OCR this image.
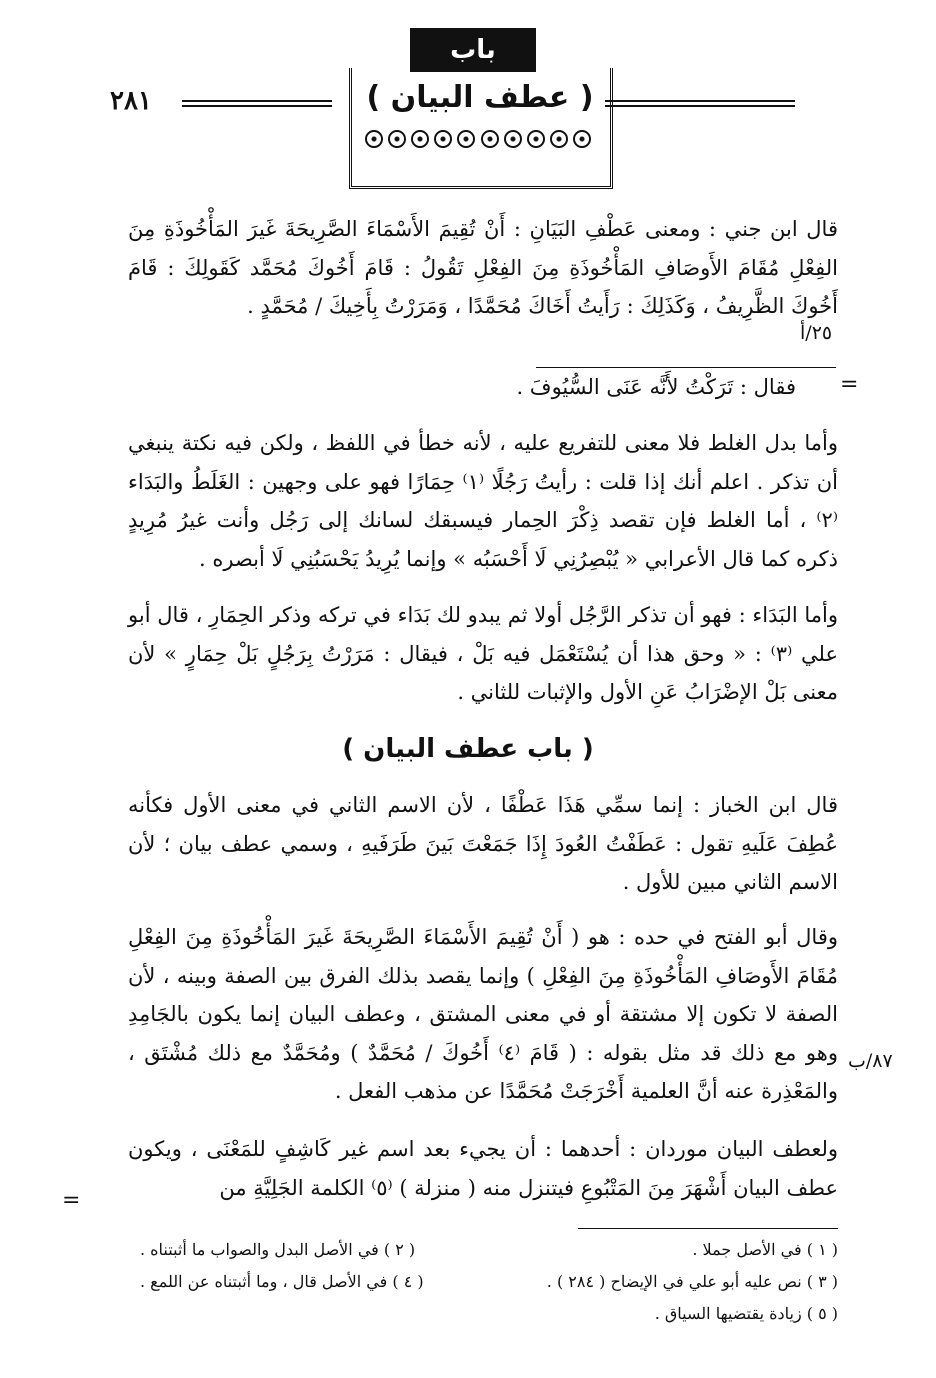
٢٨١
باب
( عطف البيان )

قال ابن جني : ومعنى عَطْفِ البَيَانِ : أَنْ تُقِيمَ الأَسْمَاءَ الصَّرِيحَةَ غَيرَ المَأْخُوذَةِ مِنَ الفِعْلِ مُقَامَ الأَوصَافِ المَأْخُوذَةِ مِنَ الفِعْلِ تَقُولُ : قَامَ أَخُوكَ مُحَمَّد كَقَولِكَ : قَامَ أَخُوكَ الظَّرِيفُ ، وَكَذَلِكَ : رَأَيتُ أَخَاكَ مُحَمَّدًا ، وَمَرَرْتُ بِأَخِيكَ / مُحَمَّدٍ .

٢٥/أ
=

فقال : تَرَكْتُ لأَنَّه عَنَى السُّيُوفَ .

وأما بدل الغلط فلا معنى للتفريع عليه ، لأنه خطأ في اللفظ ، ولكن فيه نكتة ينبغي أن تذكر . اعلم أنك إذا قلت : رأيتُ رَجُلًا ⁽١⁾ حِمَارًا فهو على وجهين : الغَلَطُ والبَدَاء ⁽٢⁾ ، أما الغلط فإن تقصد ذِكْرَ الحِمار فيسبقك لسانك إلى رَجُل وأنت غيرُ مُرِيدٍ ذكره كما قال الأعرابي « يُبْصِرُنِي لَا أَحْسَبُه » وإنما يُرِيدُ يَحْسَبُنِي لَا أبصره .

وأما البَدَاء : فهو أن تذكر الرَّجُل أولا ثم يبدو لك بَدَاء في تركه وذكر الحِمَارِ ، قال أبو علي ⁽٣⁾ : « وحق هذا أن يُسْتَعْمَل فيه بَلْ ، فيقال : مَرَرْتُ بِرَجُلٍ بَلْ حِمَارٍ » لأن معنى بَلْ الإضْرَابُ عَنِ الأول والإثبات للثاني .

( باب عطف البيان )

قال ابن الخباز : إنما سمِّي هَذَا عَطْفًا ، لأن الاسم الثاني في معنى الأول فكأنه عُطِفَ عَلَيهِ تقول : عَطَفْتُ العُودَ إِذَا جَمَعْتَ بَينَ طَرَفَيهِ ، وسمي عطف بيان ؛ لأن الاسم الثاني مبين للأول .

وقال أبو الفتح في حده : هو ( أَنْ تُقِيمَ الأَسْمَاءَ الصَّرِيحَةَ غَيرَ المَأْخُوذَةِ مِنَ الفِعْلِ مُقَامَ الأَوصَافِ المَأْخُوذَةِ مِنَ الفِعْلِ ) وإنما يقصد بذلك الفرق بين الصفة وبينه ، لأن الصفة لا تكون إلا مشتقة أو في معنى المشتق ، وعطف البيان إنما يكون بالجَامِدِ وهو مع ذلك قد مثل بقوله : ( قَامَ ⁽٤⁾ أَخُوكَ / مُحَمَّدٌ ) ومُحَمَّدٌ مع ذلك مُشْتَق ، والمَعْذِرة عنه أنَّ العلمية أَخْرَجَتْ مُحَمَّدًا عن مذهب الفعل .

٨٧/ب

ولعطف البيان موردان : أحدهما : أن يجيء بعد اسم غير كَاشِفٍ للمَعْنَى ، ويكون عطف البيان أَشْهَرَ مِنَ المَتْبُوعِ فيتنزل منه ( منزلة ) ⁽٥⁾ الكلمة الجَلِيَّةِ من

=
( ١ ) في الأصل جملا .
( ٢ ) في الأصل البدل والصواب ما أثبتناه .
( ٣ ) نص عليه أبو علي في الإيضاح ( ٢٨٤ ) .
( ٤ ) في الأصل قال ، وما أثبتناه عن اللمع .
( ٥ ) زيادة يقتضيها السياق .
